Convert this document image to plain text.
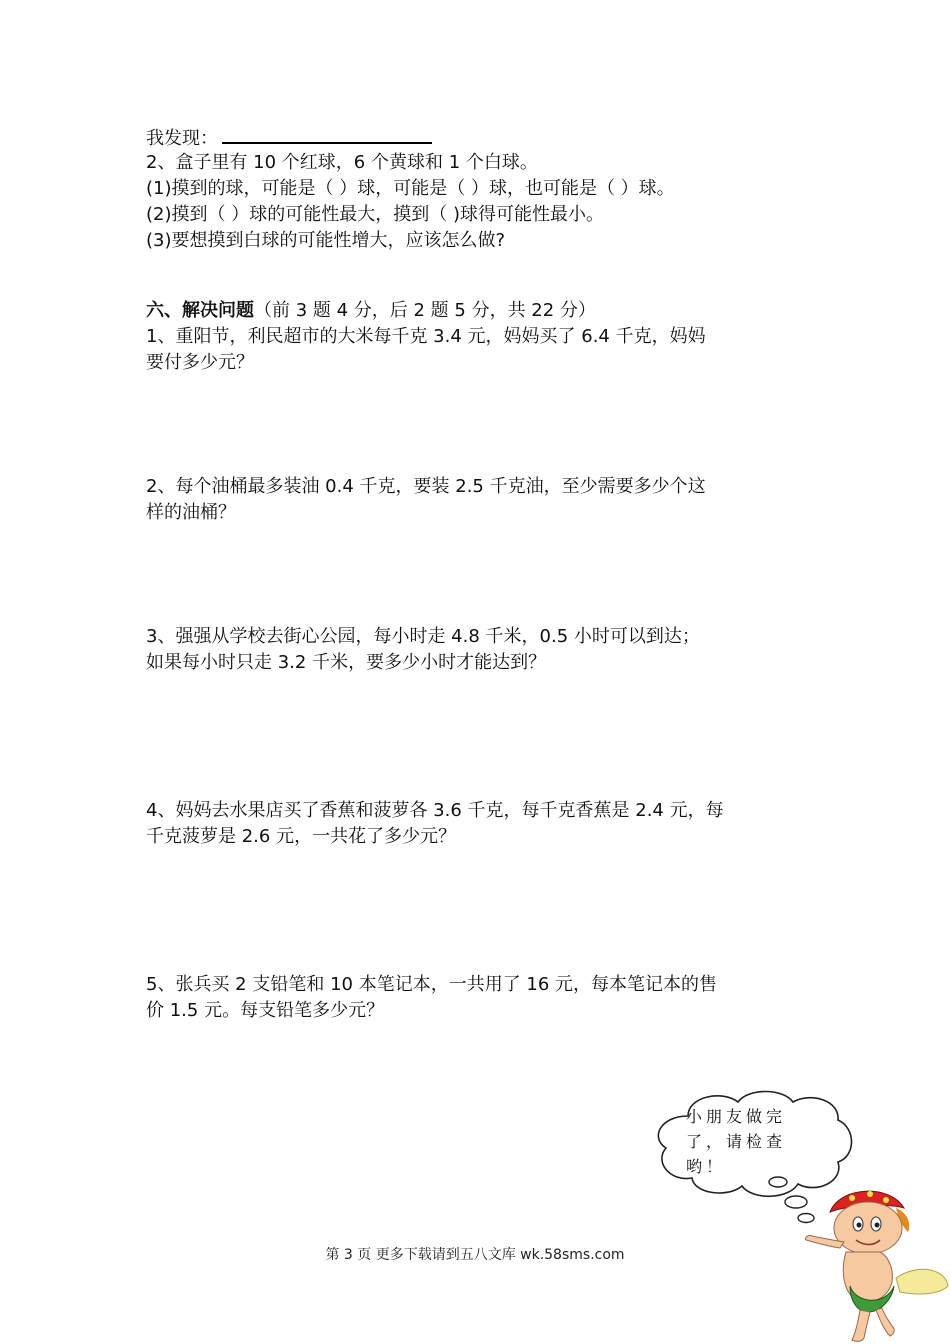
我发现：
2、盒子里有 10 个红球，6 个黄球和 1 个白球。
(1)摸到的球，可能是（ ）球，可能是（ ）球，也可能是（ ）球。
(2)摸到（ ）球的可能性最大，摸到（ )球得可能性最小。
(3)要想摸到白球的可能性增大，应该怎么做?
六、解决问题（前 3 题 4 分，后 2 题 5 分，共 22 分）
1、重阳节，利民超市的大米每千克 3.4 元，妈妈买了 6.4 千克，妈妈
要付多少元？
2、每个油桶最多装油 0.4 千克，要装 2.5 千克油，至少需要多少个这
样的油桶？
3、强强从学校去街心公园，每小时走 4.8 千米，0.5 小时可以到达；
如果每小时只走 3.2 千米，要多少小时才能达到？
4、妈妈去水果店买了香蕉和菠萝各 3.6 千克，每千克香蕉是 2.4 元，每
千克菠萝是 2.6 元，一共花了多少元？
5、张兵买 2 支铅笔和 10 本笔记本，一共用了 16 元，每本笔记本的售
价 1.5 元。每支铅笔多少元？
小朋友做完了，请检查哟！
第 3 页 更多下载请到五八文库 wk.58sms.com
